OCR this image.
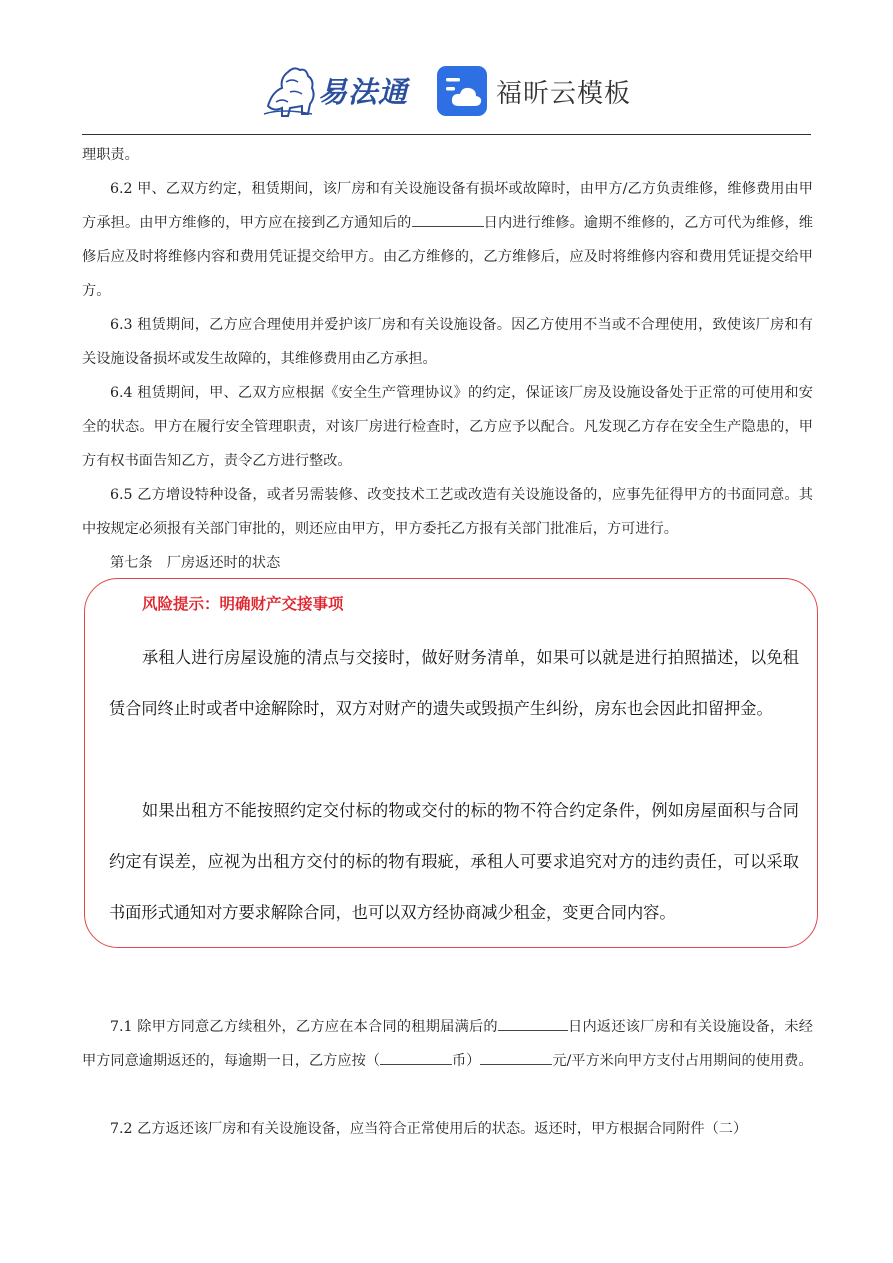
易法通	福昕云模板

理职责。

6.2 甲、乙双方约定，租赁期间，该厂房和有关设施设备有损坏或故障时，由甲方/乙方负责维修，维修费用由甲方承担。由甲方维修的，甲方应在接到乙方通知后的	日内进行维修。逾期不维修的，乙方可代为维修，维修后应及时将维修内容和费用凭证提交给甲方。由乙方维修的，乙方维修后，应及时将维修内容和费用凭证提交给甲方。

6.3 租赁期间，乙方应合理使用并爱护该厂房和有关设施设备。因乙方使用不当或不合理使用，致使该厂房和有关设施设备损坏或发生故障的，其维修费用由乙方承担。

6.4 租赁期间，甲、乙双方应根据《安全生产管理协议》的约定，保证该厂房及设施设备处于正常的可使用和安全的状态。甲方在履行安全管理职责，对该厂房进行检查时，乙方应予以配合。凡发现乙方存在安全生产隐患的，甲方有权书面告知乙方，责令乙方进行整改。

6.5 乙方增设特种设备，或者另需装修、改变技术工艺或改造有关设施设备的，应事先征得甲方的书面同意。其中按规定必须报有关部门审批的，则还应由甲方，甲方委托乙方报有关部门批准后，方可进行。

第七条　厂房返还时的状态

风险提示：明确财产交接事项

承租人进行房屋设施的清点与交接时，做好财务清单，如果可以就是进行拍照描述，以免租赁合同终止时或者中途解除时，双方对财产的遗失或毁损产生纠纷，房东也会因此扣留押金。

如果出租方不能按照约定交付标的物或交付的标的物不符合约定条件，例如房屋面积与合同约定有误差，应视为出租方交付的标的物有瑕疵，承租人可要求追究对方的违约责任，可以采取书面形式通知对方要求解除合同，也可以双方经协商减少租金，变更合同内容。

7.1 除甲方同意乙方续租外，乙方应在本合同的租期届满后的	日内返还该厂房和有关设施设备，未经甲方同意逾期返还的，每逾期一日，乙方应按（	币）	元/平方米向甲方支付占用期间的使用费。

7.2 乙方返还该厂房和有关设施设备，应当符合正常使用后的状态。返还时，甲方根据合同附件（二）
